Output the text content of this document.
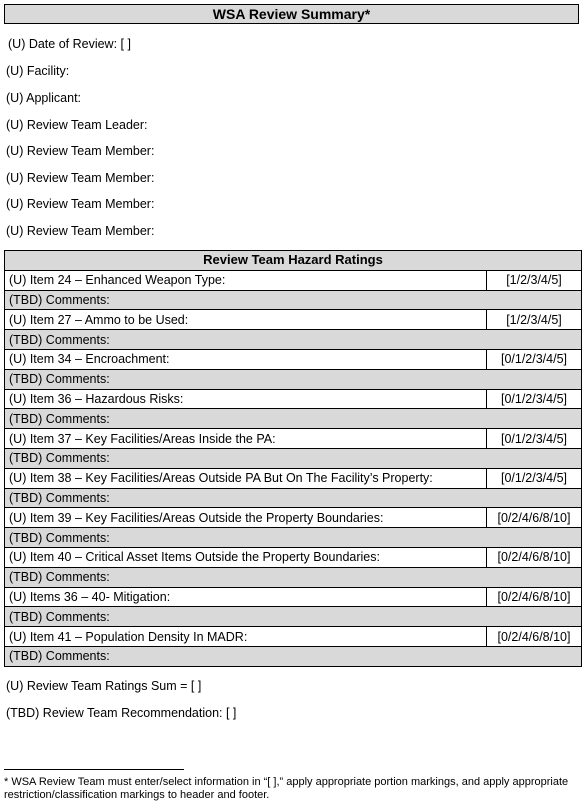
WSA Review Summary*
(U) Date of Review: [ ]
(U) Facility:
(U) Applicant:
(U) Review Team Leader:
(U) Review Team Member:
(U) Review Team Member:
(U) Review Team Member:
(U) Review Team Member:
Review Team Hazard Ratings	
(U) Item 24 – Enhanced Weapon Type:	[1/2/3/4/5]
(TBD) Comments:	
(U) Item 27 – Ammo to be Used:	[1/2/3/4/5]
(TBD) Comments:	
(U) Item 34 – Encroachment:	[0/1/2/3/4/5]
(TBD) Comments:	
(U) Item 36 – Hazardous Risks:	[0/1/2/3/4/5]
(TBD) Comments:	
(U) Item 37 – Key Facilities/Areas Inside the PA:	[0/1/2/3/4/5]
(TBD) Comments:	
(U) Item 38 – Key Facilities/Areas Outside PA But On The Facility’s Property:	[0/1/2/3/4/5]
(TBD) Comments:	
(U) Item 39 – Key Facilities/Areas Outside the Property Boundaries:	[0/2/4/6/8/10]
(TBD) Comments:	
(U) Item 40 – Critical Asset Items Outside the Property Boundaries:	[0/2/4/6/8/10]
(TBD) Comments:	
(U) Items 36 – 40- Mitigation:	[0/2/4/6/8/10]
(TBD) Comments:	
(U) Item 41 – Population Density In MADR:	[0/2/4/6/8/10]
(TBD) Comments:	
(U) Review Team Ratings Sum = [ ]
(TBD) Review Team Recommendation: [ ]
* WSA Review Team must enter/select information in “[ ],” apply appropriate portion markings, and apply appropriate restriction/classification markings to header and footer.
